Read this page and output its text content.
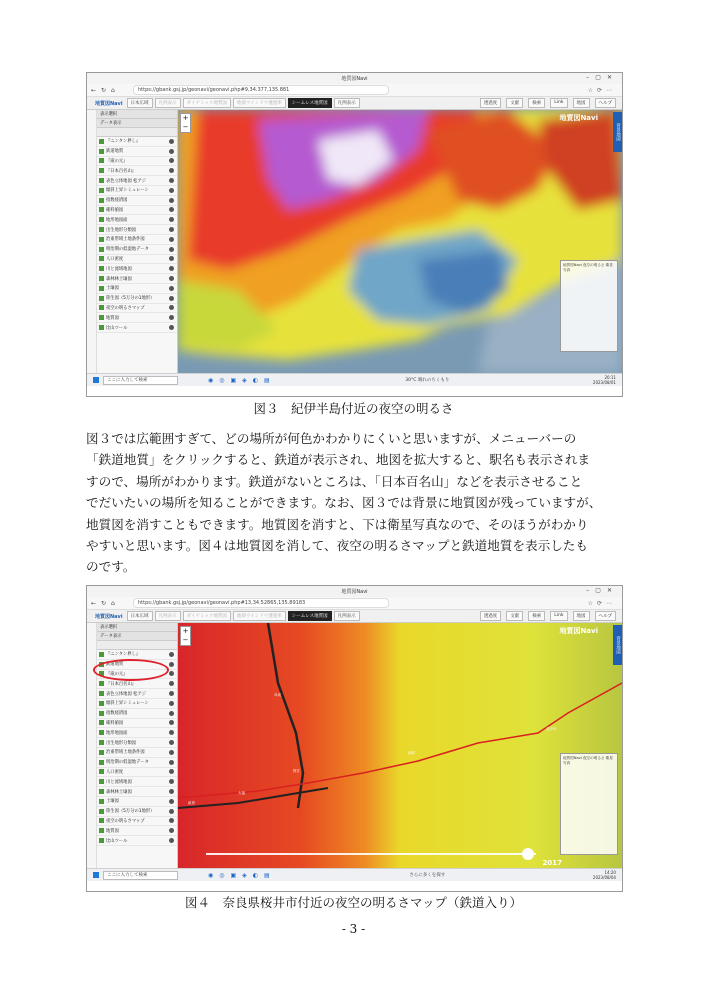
地質図Navi	–▢✕
←↻⌂	https://gbank.gsj.jp/geonavi/geonavi.php#9,34.377,135.881	☆⟳⋯
地質図Navi	日本広域	凡例表示	ダイナミック地質図	地殻ウインドウ透過率	シームレス地質図	凡例表示	透過度	文献	検索	Link	地図	ヘルプ
表示選択
データ表示
『ニンタン界し』
鉄道地質
『滝の元』
『日本百名山』
表色立体地図 松アジ
傾斜上昇シミュレーシ
指数経済図
確料値図
地形地図面
出生地形分類図
治東帯域土地条件図
明治期の低湿地データ
人口密度
川と流域地図
森林林土壌図
土壌図
陸生図（5万分の1地形）
夜空の明るさマップ
地質図
比山ツール
+
−
地質図Navi
背景地図
地質図Navi 夜空の明るさ 衛星写真
ここに入力して検索	◉◎▣◈◐▤	30°C 晴れのちくもり
20:11
2023/08/01
図３　紀伊半島付近の夜空の明るさ
図３では広範囲すぎて、どの場所が何色かわかりにくいと思いますが、メニューバーの
「鉄道地質」をクリックすると、鉄道が表示され、地図を拡大すると、駅名も表示されま
すので、場所がわかります。鉄道がないところは、「日本百名山」などを表示させること
でだいたいの場所を知ることができます。なお、図３では背景に地質図が残っていますが、
地質図を消すこともできます。地質図を消すと、下は衛星写真なので、そのほうがわかり
やすいと思います。図４は地質図を消して、夜空の明るさマップと鉄道地質を表示したも
のです。
地質図Navi	–▢✕
←↻⌂	https://gbank.gsj.jp/geonavi/geonavi.php#13,34.52865,135.89183	☆⟳⋯
地質図Navi	日本広域	凡例表示	ダイナミック地質図	地殻ウインドウ透過率	シームレス地質図	凡例表示	透過度	文献	検索	Link	地図	ヘルプ
表示選択
データ表示
『ニンタン界し』
鉄道地質
『滝の元』
『日本百名山』
表色立体地図 松アジ
傾斜上昇シミュレーシ
指数経済図
確料値図
地形地図面
出生地形分類図
治東帯域土地条件図
明治期の低湿地データ
人口密度
川と流域地図
森林林土壌図
土壌図
陸生図（5万分の1地形）
夜空の明るさマップ
地質図
比山ツール
桜井
大福
耳成
畝傍
朝倉
長谷寺
+
−
地質図Navi
背景地図
地質図Navi 夜空の明るさ 衛星写真
2017
ここに入力して検索	◉◎▣◈◐▤	さらに多くを探す
14:20
2023/08/04
図４　奈良県桜井市付近の夜空の明るさマップ（鉄道入り）
- 3 -
